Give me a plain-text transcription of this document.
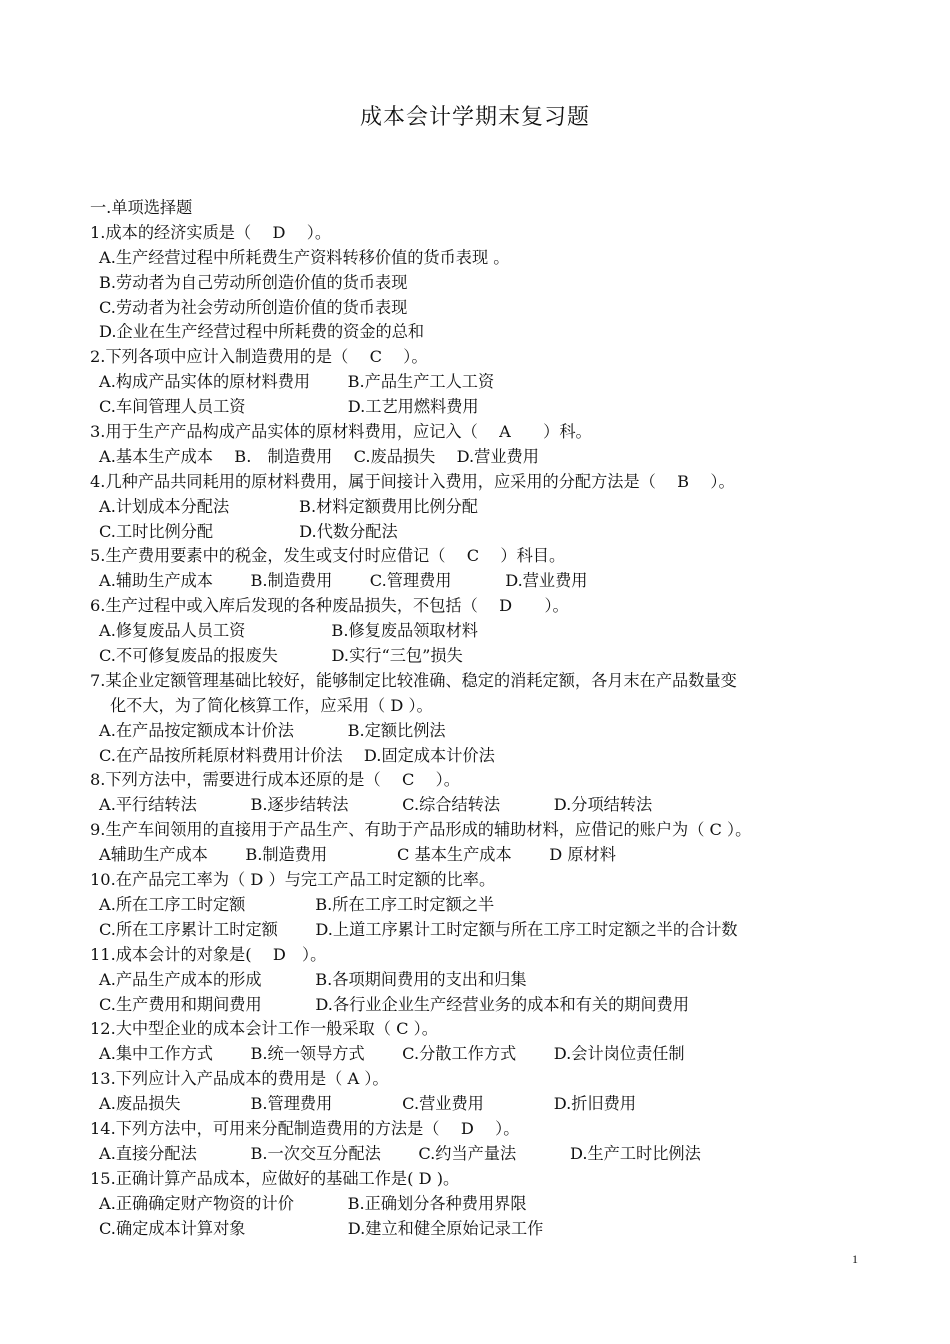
成本会计学期末复习题
一.单项选择题
1.成本的经济实质是（　 D　 ）。
A.生产经营过程中所耗费生产资料转移价值的货币表现 。
B.劳动者为自己劳动所创造价值的货币表现
C.劳动者为社会劳动所创造价值的货币表现
D.企业在生产经营过程中所耗费的资金的总和
2.下列各项中应计入制造费用的是（　 C　 ）。
A.构成产品实体的原材料费用　　 B.产品生产工人工资
C.车间管理人员工资　　　　　　 D.工艺用燃料费用
3.用于生产产品构成产品实体的原材料费用，应记入（　 A　　）科。
A.基本生产成本　 B.　制造费用　 C.废品损失　 D.营业费用
4.几种产品共同耗用的原材料费用，属于间接计入费用，应采用的分配方法是（　 B　 ）。
A.计划成本分配法　　　　 B.材料定额费用比例分配
C.工时比例分配　　　　　 D.代数分配法
5.生产费用要素中的税金，发生或支付时应借记（　 C　 ）科目。
A.辅助生产成本　　 B.制造费用　　 C.管理费用　　　 D.营业费用
6.生产过程中或入库后发现的各种废品损失，不包括（　 D　　）。
A.修复废品人员工资　　　　　 B.修复废品领取材料
C.不可修复废品的报废失　　　 D.实行“三包”损失
7.某企业定额管理基础比较好，能够制定比较准确、稳定的消耗定额，各月末在产品数量变
化不大，为了简化核算工作，应采用（ D ）。
A.在产品按定额成本计价法　　　 B.定额比例法
C.在产品按所耗原材料费用计价法　 D.固定成本计价法
8.下列方法中，需要进行成本还原的是（　 C　 ）。
A.平行结转法　　　 B.逐步结转法　　　 C.综合结转法　　　 D.分项结转法
9.生产车间领用的直接用于产品生产、有助于产品形成的辅助材料，应借记的账户为（ C ）。
A辅助生产成本　　 B.制造费用　　　　 C 基本生产成本　　 D 原材料
10.在产品完工率为（ D ）与完工产品工时定额的比率。
A.所在工序工时定额　　　　 B.所在工序工时定额之半
C.所在工序累计工时定额　　 D.上道工序累计工时定额与所在工序工时定额之半的合计数
11.成本会计的对象是(　 D　）。
A.产品生产成本的形成　　　 B.各项期间费用的支出和归集
C.生产费用和期间费用　　　 D.各行业企业生产经营业务的成本和有关的期间费用
12.大中型企业的成本会计工作一般采取（ C ）。
A.集中工作方式　　 B.统一领导方式　　 C.分散工作方式　　 D.会计岗位责任制
13.下列应计入产品成本的费用是（ A ）。
A.废品损失　　　　 B.管理费用　　　　 C.营业费用　　　　 D.折旧费用
14.下列方法中，可用来分配制造费用的方法是（　 D　 ）。
A.直接分配法　　　 B.一次交互分配法　　 C.约当产量法　　　 D.生产工时比例法
15.正确计算产品成本，应做好的基础工作是( D )。
A.正确确定财产物资的计价　　　 B.正确划分各种费用界限
C.确定成本计算对象　　　　　　 D.建立和健全原始记录工作
1
